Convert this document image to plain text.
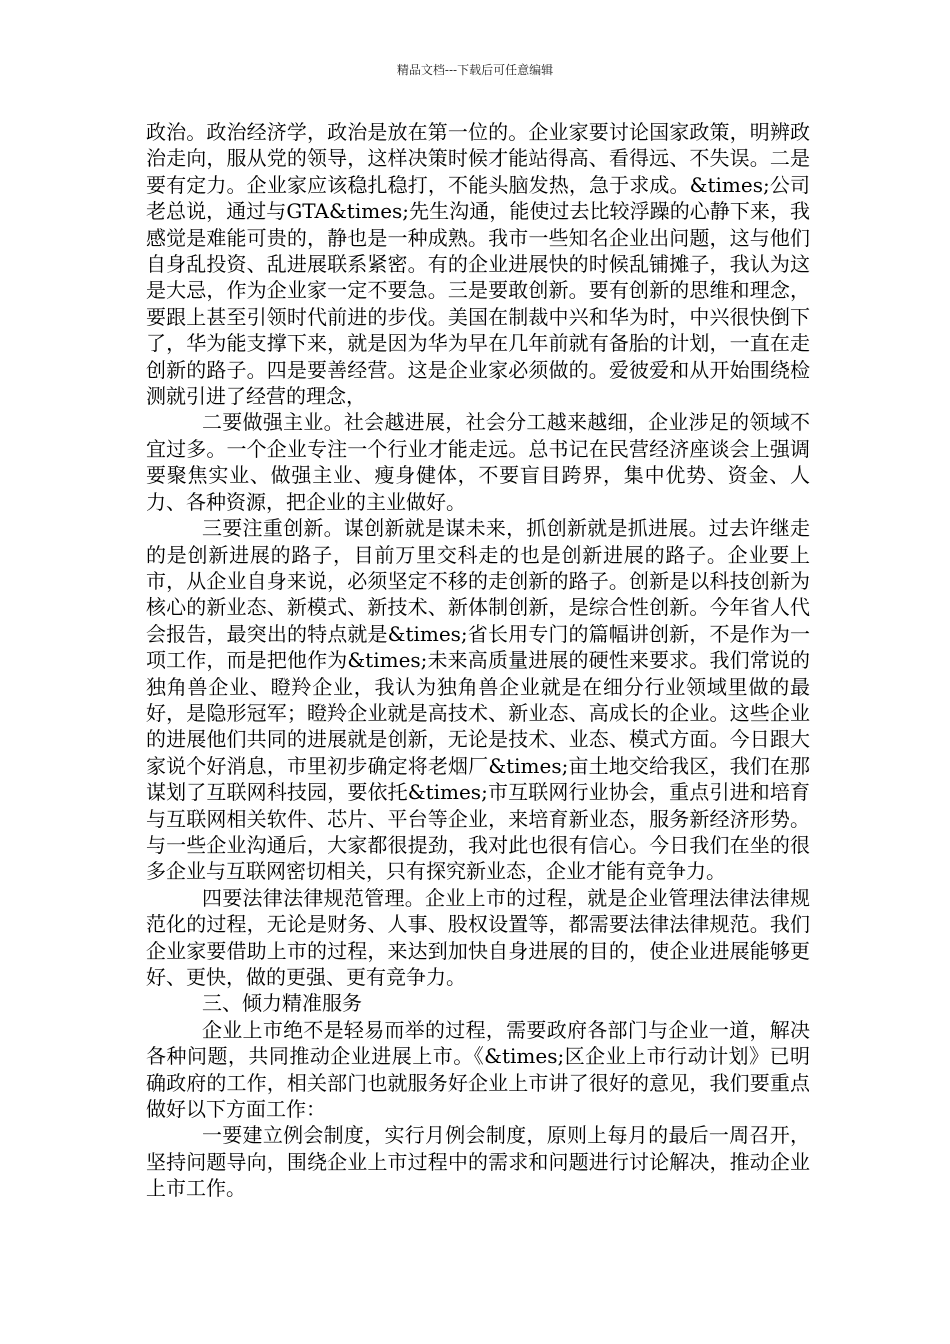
精品文档---下载后可任意编辑

政治。政治经济学，政治是放在第一位的。企业家要讨论国家政策，明辨政治走向，服从党的领导，这样决策时候才能站得高、看得远、不失误。二是要有定力。企业家应该稳扎稳打，不能头脑发热，急于求成。&times;公司老总说，通过与GTA&times;先生沟通，能使过去比较浮躁的心静下来，我感觉是难能可贵的，静也是一种成熟。我市一些知名企业出问题，这与他们自身乱投资、乱进展联系紧密。有的企业进展快的时候乱铺摊子，我认为这是大忌，作为企业家一定不要急。三是要敢创新。要有创新的思维和理念，要跟上甚至引领时代前进的步伐。美国在制裁中兴和华为时，中兴很快倒下了，华为能支撑下来，就是因为华为早在几年前就有备胎的计划，一直在走创新的路子。四是要善经营。这是企业家必须做的。爱彼爱和从开始围绕检测就引进了经营的理念，

二要做强主业。社会越进展，社会分工越来越细，企业涉足的领域不宜过多。一个企业专注一个行业才能走远。总书记在民营经济座谈会上强调要聚焦实业、做强主业、瘦身健体，不要盲目跨界，集中优势、资金、人力、各种资源，把企业的主业做好。

三要注重创新。谋创新就是谋未来，抓创新就是抓进展。过去许继走的是创新进展的路子，目前万里交科走的也是创新进展的路子。企业要上市，从企业自身来说，必须坚定不移的走创新的路子。创新是以科技创新为核心的新业态、新模式、新技术、新体制创新，是综合性创新。今年省人代会报告，最突出的特点就是&times;省长用专门的篇幅讲创新，不是作为一项工作，而是把他作为&times;未来高质量进展的硬性来要求。我们常说的独角兽企业、瞪羚企业，我认为独角兽企业就是在细分行业领域里做的最好，是隐形冠军；瞪羚企业就是高技术、新业态、高成长的企业。这些企业的进展他们共同的进展就是创新，无论是技术、业态、模式方面。今日跟大家说个好消息，市里初步确定将老烟厂&times;亩土地交给我区，我们在那谋划了互联网科技园，要依托&times;市互联网行业协会，重点引进和培育与互联网相关软件、芯片、平台等企业，来培育新业态，服务新经济形势。与一些企业沟通后，大家都很提劲，我对此也很有信心。今日我们在坐的很多企业与互联网密切相关，只有探究新业态，企业才能有竞争力。

四要法律法律规范管理。企业上市的过程，就是企业管理法律法律规范化的过程，无论是财务、人事、股权设置等，都需要法律法律规范。我们企业家要借助上市的过程，来达到加快自身进展的目的，使企业进展能够更好、更快，做的更强、更有竞争力。

三、倾力精准服务

企业上市绝不是轻易而举的过程，需要政府各部门与企业一道，解决各种问题，共同推动企业进展上市。《&times;区企业上市行动计划》已明确政府的工作，相关部门也就服务好企业上市讲了很好的意见，我们要重点做好以下方面工作：

一要建立例会制度，实行月例会制度，原则上每月的最后一周召开，坚持问题导向，围绕企业上市过程中的需求和问题进行讨论解决，推动企业上市工作。
